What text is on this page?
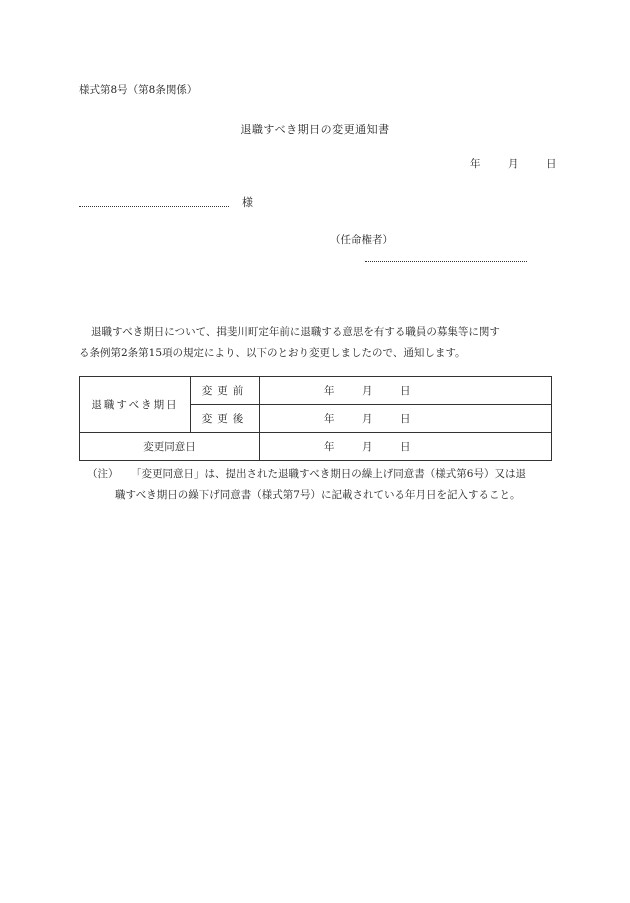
様式第8号（第8条関係）
退職すべき期日の変更通知書
年	月	日
様
（任命権者）

退職すべき期日について、揖斐川町定年前に退職する意思を有する職員の募集等に関す

る条例第2条第15項の規定により、以下のとおり変更しましたので、通知します。

退職すべき期日	変更前	年 月 日
	変更後	年 月 日
変更同意日		年 月 日
（注） 「変更同意日」は、提出された退職すべき期日の繰上げ同意書（様式第6号）又は退
職すべき期日の繰下げ同意書（様式第7号）に記載されている年月日を記入すること。
